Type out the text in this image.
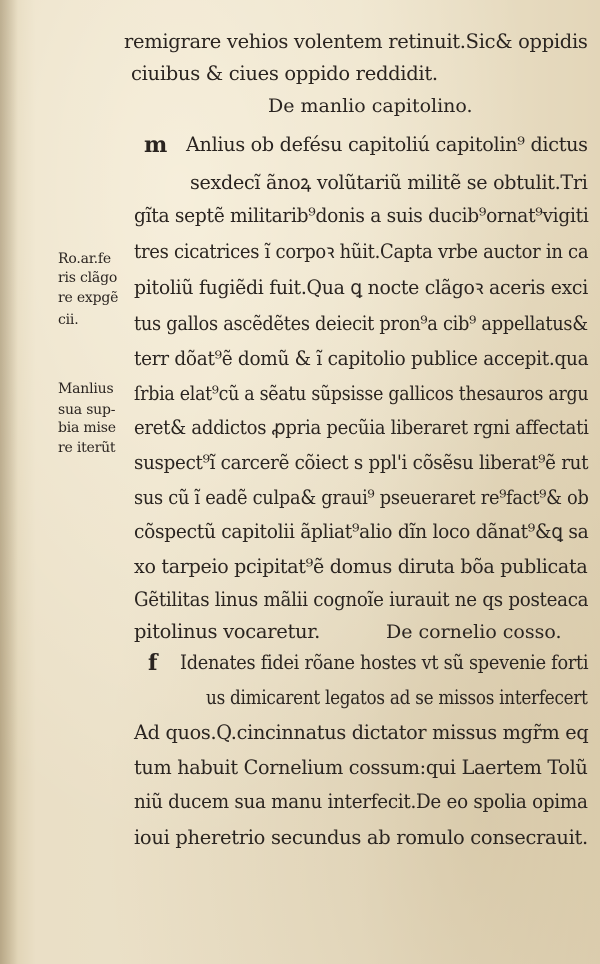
remigrare vehios volentem retinuit.Sic& oppidis
ciuibus & ciues oppido reddidit.
De manlio capitolino.
m Anlius ob defésu capitoliú capitolin⁹ dictus
sexdecĩ ãnoꝝ volũtariũ militẽ se obtulit.Tri
gĩta septẽ militarib⁹donis a suis ducib⁹ornat⁹vigiti
tres cicatrices ĩ corpoꝛ hũit.Capta vrbe auctor in ca
pitoliũ fugiẽdi fuit.Qua ꝗ nocte clãgoꝛ aceris exci
tus gallos ascẽdẽtes deiecit pron⁹a cib⁹ appellatus&
terr dõat⁹ẽ domũ & ĩ capitolio publice accepit.qua
ſrbia elat⁹cũ a sẽatu sũpsisse gallicos thesauros argu
eret& addictos ꝓpria pecũia liberaret rgni affectati
suspect⁹ĩ carcerẽ cõiect s ppl'i cõsẽsu liberat⁹ẽ rut
sus cũ ĩ eadẽ culpa& graui⁹ pseueraret re⁹fact⁹& ob
cõspectũ capitolii ãpliat⁹alio dĩn loco dãnat⁹&ꝗ sa
xo tarpeio pcipitat⁹ẽ domus diruta bõa publicata
Gẽtilitas linus mãlii cognoĩe iurauit ne qs posteaca
pitolinus vocaretur.	De cornelio cosso.
f Idenates fidei rõane hostes vt sũ spevenie forti
us dimicarent legatos ad se missos interfecert
Ad quos.Q.cincinnatus dictator missus mgr̃m eq
tum habuit Cornelium cossum:qui Laertem Tolũ
niũ ducem sua manu interfecit.De eo spolia opima
ioui pheretrio secundus ab romulo consecrauit.
Ro.ar.fe
ris clãgo
re expgẽ
cii.
Manlius
sua sup-
bia mise
re iterũt
